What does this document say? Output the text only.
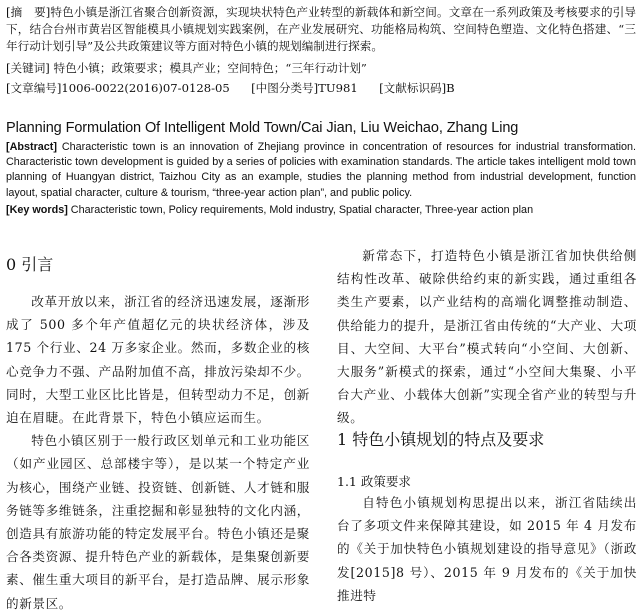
[摘　要]特色小镇是浙江省聚合创新资源，实现块状特色产业转型的新载体和新空间。文章在一系列政策及考核要求的引导下，结合台州市黄岩区智能模具小镇规划实践案例，在产业发展研究、功能格局构筑、空间特色塑造、文化特色搭建、“三年行动计划引导”及公共政策建议等方面对特色小镇的规划编制进行探索。
[关键词] 特色小镇；政策要求；模具产业；空间特色；“三年行动计划”
[文章编号]1006-0022(2016)07-0128-05 [中图分类号]TU981 [文献标识码]B
Planning Formulation Of Intelligent Mold Town/Cai Jian, Liu Weichao, Zhang Ling
[Abstract] Characteristic town is an innovation of Zhejiang province in concentration of resources for industrial transformation. Characteristic town development is guided by a series of policies with examination standards. The article takes intelligent mold town planning of Huangyan district, Taizhou City as an example, studies the planning method from industrial development, function layout, spatial character, culture & tourism, “three-year action plan”, and public policy.
[Key words] Characteristic town, Policy requirements, Mold industry, Spatial character, Three-year action plan
0 引言

改革开放以来，浙江省的经济迅速发展，逐渐形成了 500 多个年产值超亿元的块状经济体，涉及 175 个行业、24 万多家企业。然而，多数企业的核心竞争力不强、产品附加值不高，排放污染却不少。同时，大型工业区比比皆是，但转型动力不足，创新迫在眉睫。在此背景下，特色小镇应运而生。

特色小镇区别于一般行政区划单元和工业功能区（如产业园区、总部楼宇等），是以某一个特定产业为核心，围绕产业链、投资链、创新链、人才链和服务链等多维链条，注重挖掘和彰显独特的文化内涵，创造具有旅游功能的特定发展平台。特色小镇还是聚合各类资源、提升特色产业的新载体，是集聚创新要素、催生重大项目的新平台，是打造品牌、展示形象的新景区。

新常态下，打造特色小镇是浙江省加快供给侧结构性改革、破除供给约束的新实践，通过重组各类生产要素，以产业结构的高端化调整推动制造、供给能力的提升，是浙江省由传统的“大产业、大项目、大空间、大平台”模式转向“小空间、大创新、大服务”新模式的探索，通过“小空间大集聚、小平台大产业、小载体大创新”实现全省产业的转型与升级。

1 特色小镇规划的特点及要求
1.1 政策要求

自特色小镇规划构思提出以来，浙江省陆续出台了多项文件来保障其建设，如 2015 年 4 月发布的《关于加快特色小镇规划建设的指导意见》（浙政发[2015]8 号）、2015 年 9 月发布的《关于加快推进特
